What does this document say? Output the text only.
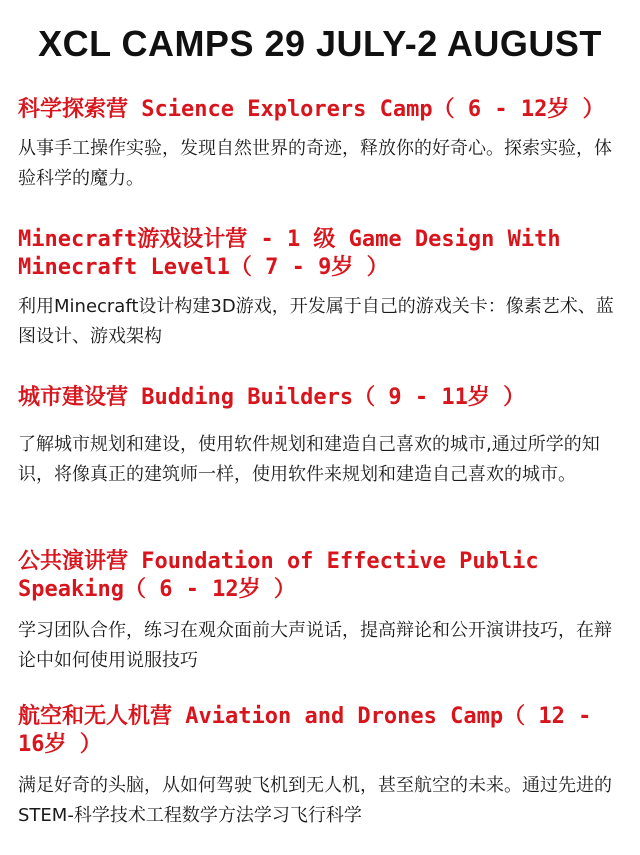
XCL CAMPS 29 JULY-2 AUGUST
科学探索营 Science Explorers Camp（ 6 - 12岁 ）

从事手工操作实验，发现自然世界的奇迹，释放你的好奇心。探索实验，体验科学的魔力。

Minecraft游戏设计营 - 1 级 Game Design With Minecraft Level1（ 7 - 9岁 ）

利用Minecraft设计构建3D游戏，开发属于自己的游戏关卡：像素艺术、蓝图设计、游戏架构

城市建设营 Budding Builders（ 9 - 11岁 ）

了解城市规划和建设，使用软件规划和建造自己喜欢的城市,通过所学的知识，将像真正的建筑师一样，使用软件来规划和建造自己喜欢的城市。

公共演讲营 Foundation of Effective Public Speaking（ 6 - 12岁 ）

学习团队合作，练习在观众面前大声说话，提高辩论和公开演讲技巧，在辩论中如何使用说服技巧

航空和无人机营 Aviation and Drones Camp（ 12 - 16岁 ）

满足好奇的头脑，从如何驾驶飞机到无人机，甚至航空的未来。通过先进的STEM-科学技术工程数学方法学习飞行科学
